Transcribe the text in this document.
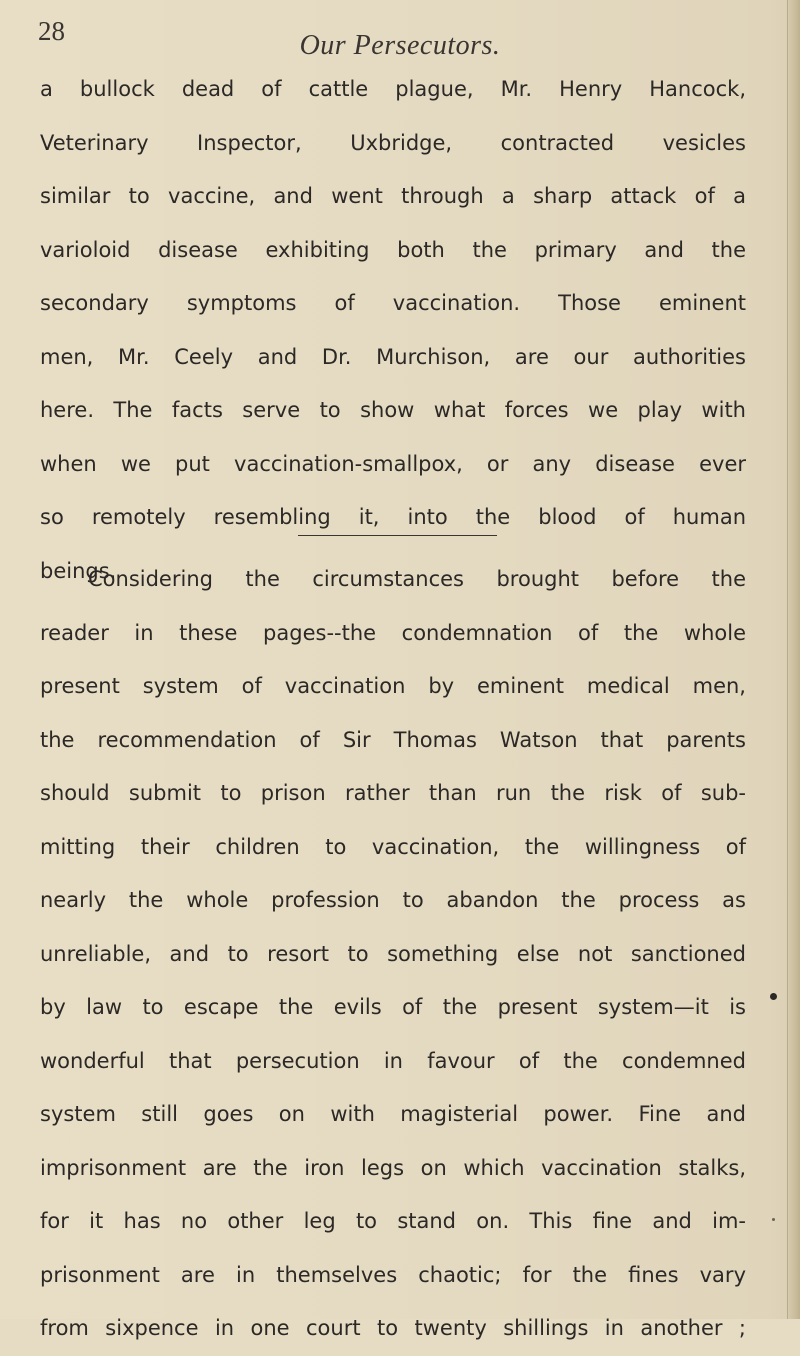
28	Our Persecutors.
a bullock dead of cattle plague, Mr. Henry Hancock,
Veterinary Inspector, Uxbridge, contracted vesicles
similar to vaccine, and went through a sharp attack of a
varioloid disease exhibiting both the primary and the
secondary symptoms of vaccination. Those eminent
men, Mr. Ceely and Dr. Murchison, are our authorities
here. The facts serve to show what forces we play with
when we put vaccination-smallpox, or any disease ever
so remotely resembling it, into the blood of human
beings.
Considering the circumstances brought before the
reader in these pages--the condemnation of the whole
present system of vaccination by eminent medical men,
the recommendation of Sir Thomas Watson that parents
should submit to prison rather than run the risk of sub-
mitting their children to vaccination, the willingness of
nearly the whole profession to abandon the process as
unreliable, and to resort to something else not sanctioned
by law to escape the evils of the present system—it is
wonderful that persecution in favour of the condemned
system still goes on with magisterial power. Fine and
imprisonment are the iron legs on which vaccination stalks,
for it has no other leg to stand on. This fine and im-
prisonment are in themselves chaotic; for the fines vary
from sixpence in one court to twenty shillings in another ;
